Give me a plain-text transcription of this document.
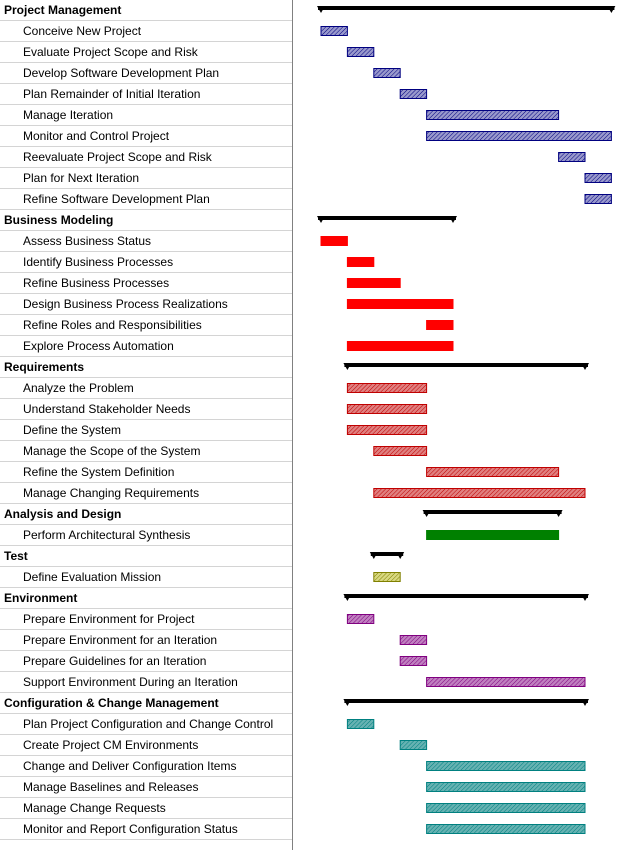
Project Management
Conceive New Project
Evaluate Project Scope and Risk
Develop Software Development Plan
Plan Remainder of Initial Iteration
Manage Iteration
Monitor and Control Project
Reevaluate Project Scope and Risk
Plan for Next Iteration
Refine Software Development Plan
Business Modeling
Assess Business Status
Identify Business Processes
Refine Business Processes
Design Business Process Realizations
Refine Roles and Responsibilities
Explore Process Automation
Requirements
Analyze the Problem
Understand Stakeholder Needs
Define the System
Manage the Scope of the System
Refine the System Definition
Manage Changing Requirements
Analysis and Design
Perform Architectural Synthesis
Test
Define Evaluation Mission
Environment
Prepare Environment for Project
Prepare Environment for an Iteration
Prepare Guidelines for an Iteration
Support Environment During an Iteration
Configuration & Change Management
Plan Project Configuration and Change Control
Create Project CM Environments
Change and Deliver Configuration Items
Manage Baselines and Releases
Manage Change Requests
Monitor and Report Configuration Status
